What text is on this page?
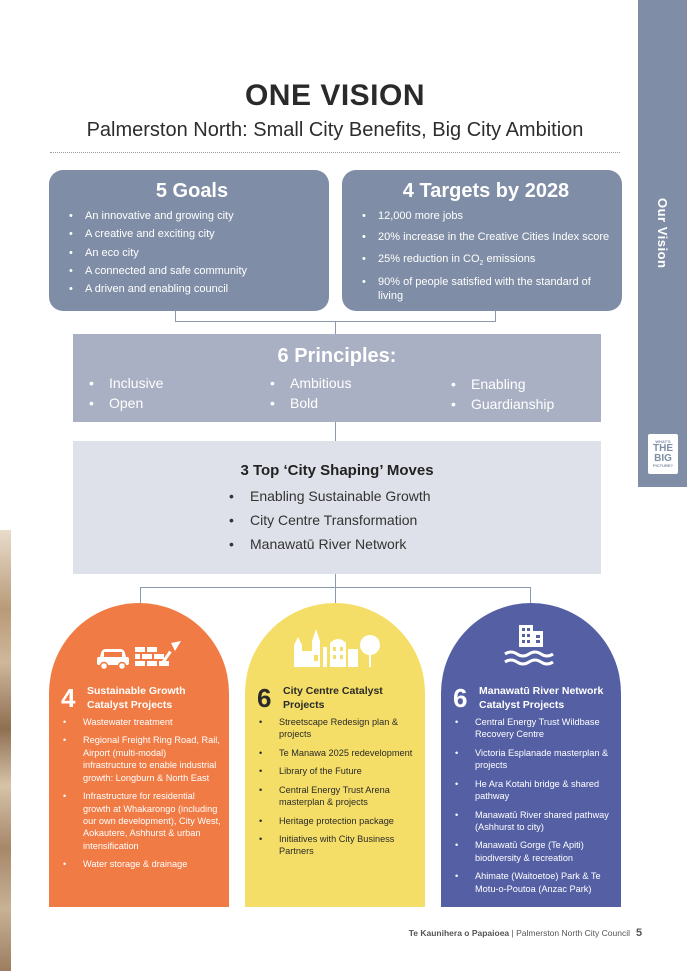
Our Vision
WHAT'S
THE
BIG
PICTURE?
ONE VISION
Palmerston North: Small City Benefits, Big City Ambition
5 Goals
• An innovative and growing city
• A creative and exciting city
• An eco city
• A connected and safe community
• A driven and enabling council
4 Targets by 2028
• 12,000 more jobs
• 20% increase in the Creative Cities Index score
• 25% reduction in $CO_2$ emissions
• 90% of people satisfied with the standard of living
6 Principles:
• Inclusive
• Open
• Ambitious
• Bold
• Enabling
• Guardianship
3 Top ‘City Shaping’ Moves
• Enabling Sustainable Growth
• City Centre Transformation
• Manawatū River Network
4 Sustainable Growth Catalyst Projects
• Wastewater treatment
• Regional Freight Ring Road, Rail, Airport (multi-modal) infrastructure to enable industrial growth: Longburn & North East
• Infrastructure for residential growth at Whakarongo (including our own development), City West, Aokautere, Ashhurst & urban intensification
• Water storage & drainage
6 City Centre Catalyst Projects
• Streetscape Redesign plan & projects
• Te Manawa 2025 redevelopment
• Library of the Future
• Central Energy Trust Arena masterplan & projects
• Heritage protection package
• Initiatives with City Business Partners
6 Manawatū River Network Catalyst Projects
• Central Energy Trust Wildbase Recovery Centre
• Victoria Esplanade masterplan & projects
• He Ara Kotahi bridge & shared pathway
• Manawatū River shared pathway (Ashhurst to city)
• Manawatū Gorge (Te Apiti) biodiversity & recreation
• Ahimate (Waitoetoe) Park & Te Motu-o-Poutoa (Anzac Park)
Te Kaunihera o Papaioea | Palmerston North City Council 5
